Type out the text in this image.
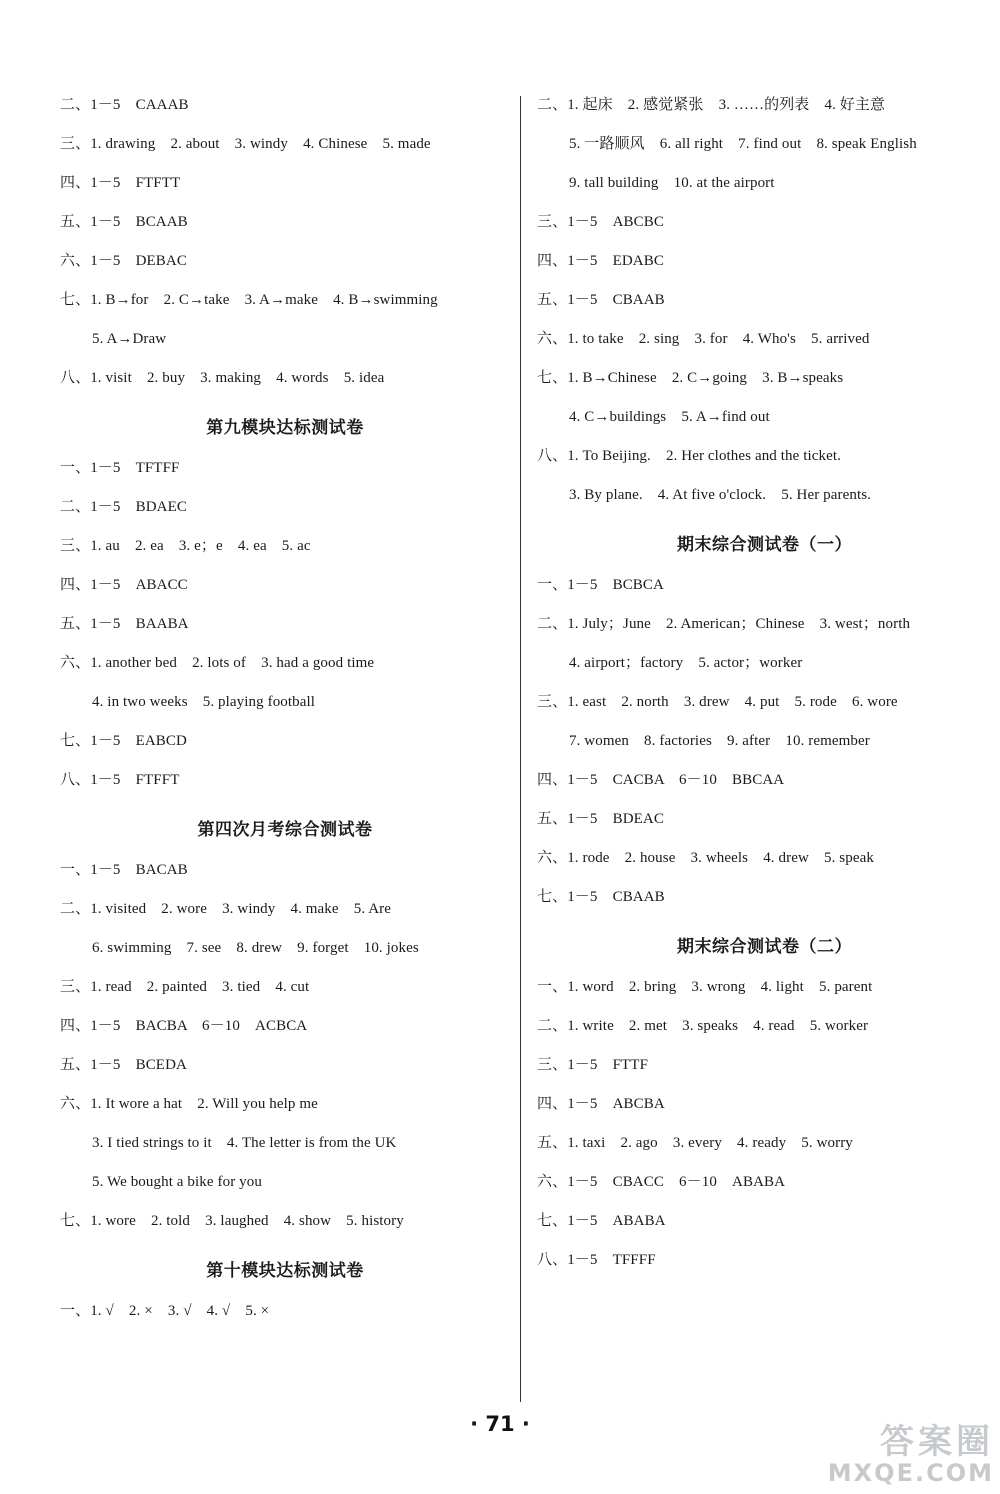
二、1－5　CAAAB
三、1. drawing　2. about　3. windy　4. Chinese　5. made
四、1－5　FTFTT
五、1－5　BCAAB
六、1－5　DEBAC
七、1. B→for　2. C→take　3. A→make　4. B→swimming
5. A→Draw
八、1. visit　2. buy　3. making　4. words　5. idea
第九模块达标测试卷
一、1－5　TFTFF
二、1－5　BDAEC
三、1. au　2. ea　3. e；e　4. ea　5. ac
四、1－5　ABACC
五、1－5　BAABA
六、1. another bed　2. lots of　3. had a good time
4. in two weeks　5. playing football
七、1－5　EABCD
八、1－5　FTFFT
第四次月考综合测试卷
一、1－5　BACAB
二、1. visited　2. wore　3. windy　4. make　5. Are
6. swimming　7. see　8. drew　9. forget　10. jokes
三、1. read　2. painted　3. tied　4. cut
四、1－5　BACBA　6－10　ACBCA
五、1－5　BCEDA
六、1. It wore a hat　2. Will you help me
3. I tied strings to it　4. The letter is from the UK
5. We bought a bike for you
七、1. wore　2. told　3. laughed　4. show　5. history
第十模块达标测试卷
一、1. √　2. ×　3. √　4. √　5. ×
二、1. 起床　2. 感觉紧张　3. ……的列表　4. 好主意
5. 一路顺风　6. all right　7. find out　8. speak English
9. tall building　10. at the airport
三、1－5　ABCBC
四、1－5　EDABC
五、1－5　CBAAB
六、1. to take　2. sing　3. for　4. Who's　5. arrived
七、1. B→Chinese　2. C→going　3. B→speaks
4. C→buildings　5. A→find out
八、1. To Beijing.　2. Her clothes and the ticket.
3. By plane.　4. At five o'clock.　5. Her parents.
期末综合测试卷（一）
一、1－5　BCBCA
二、1. July；June　2. American；Chinese　3. west；north
4. airport；factory　5. actor；worker
三、1. east　2. north　3. drew　4. put　5. rode　6. wore
7. women　8. factories　9. after　10. remember
四、1－5　CACBA　6－10　BBCAA
五、1－5　BDEAC
六、1. rode　2. house　3. wheels　4. drew　5. speak
七、1－5　CBAAB
期末综合测试卷（二）
一、1. word　2. bring　3. wrong　4. light　5. parent
二、1. write　2. met　3. speaks　4. read　5. worker
三、1－5　FTTF
四、1－5　ABCBA
五、1. taxi　2. ago　3. every　4. ready　5. worry
六、1－5　CBACC　6－10　ABABA
七、1－5　ABABA
八、1－5　TFFFF
· 71 ·	答案圈
MXQE.COM
